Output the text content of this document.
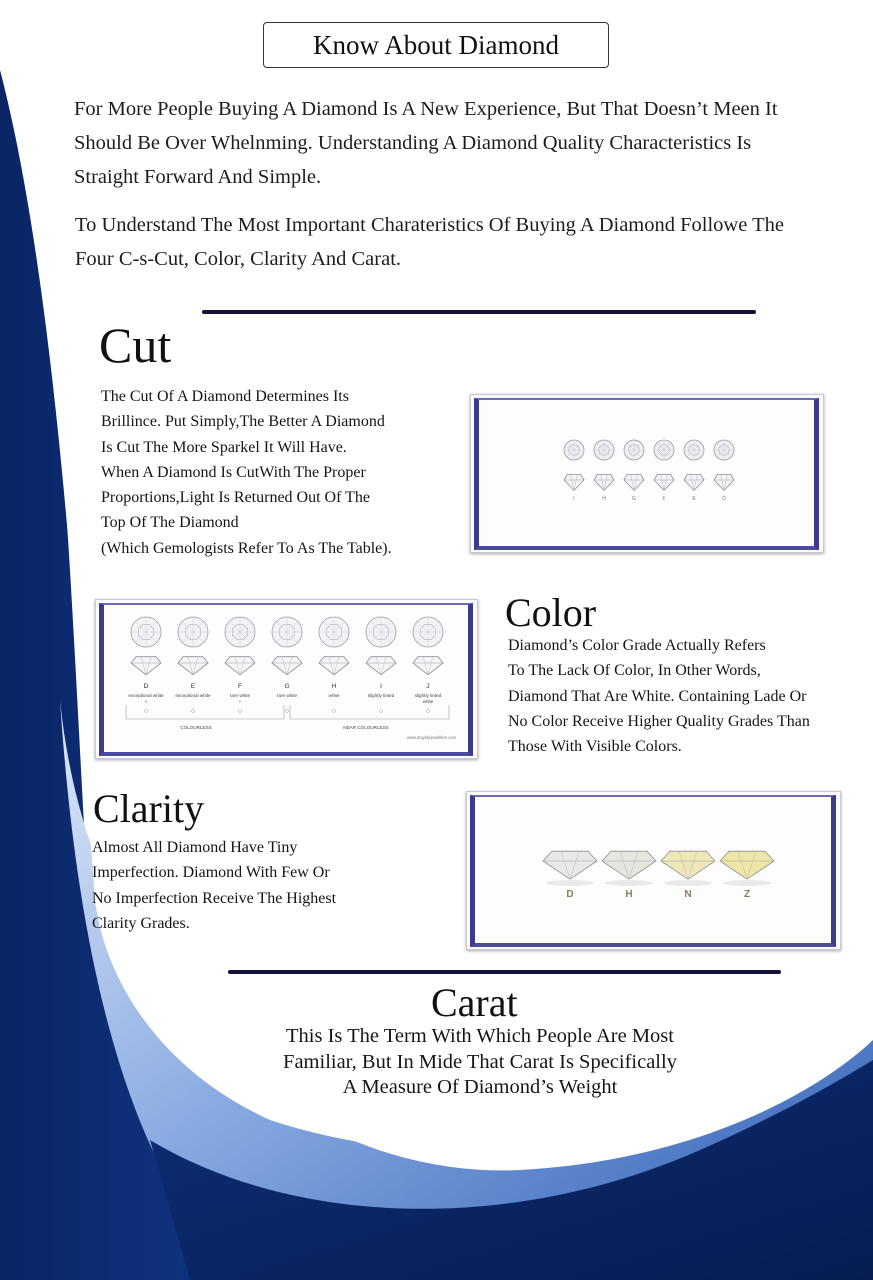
Know About Diamond
For More People Buying A Diamond Is A New Experience, But That Doesn’t Meen It
Should Be Over Whelnming. Understanding A Diamond Quality Characteristics Is
Straight Forward And Simple.
To Understand The Most Important Charateristics Of Buying A Diamond Followe The
Four C-s-Cut, Color, Clarity And Carat.
Cut
The Cut Of A Diamond Determines Its
Brillince. Put Simply,The Better A Diamond
Is Cut The More Sparkel It Will Have.
When A Diamond Is CutWith The Proper
Proportions,Light Is Returned Out Of The
Top Of The Diamond
(Which Gemologists Refer To As The Table).
I	H	G	F	E	D
D
exceptional white
+
E
exceptional white
F
rare white
+
G
rare white
H
white
I
slightly tinted
J
slightly tinted
white
COLOURLESS	NEAR COLOURLESS
www.mayfairjewellers.com
Color
Diamond’s Color Grade Actually Refers
To The Lack Of Color, In Other Words,
Diamond That Are White. Containing Lade Or
No Color Receive Higher Quality Grades Than
Those With Visible Colors.
Clarity
Almost All Diamond Have Tiny
Imperfection. Diamond With Few Or
No Imperfection Receive The Highest
Clarity Grades.
D	H	N	Z
Carat
This Is The Term With Which People Are Most
Familiar, But In Mide That Carat Is Specifically
A Measure Of Diamond’s Weight
